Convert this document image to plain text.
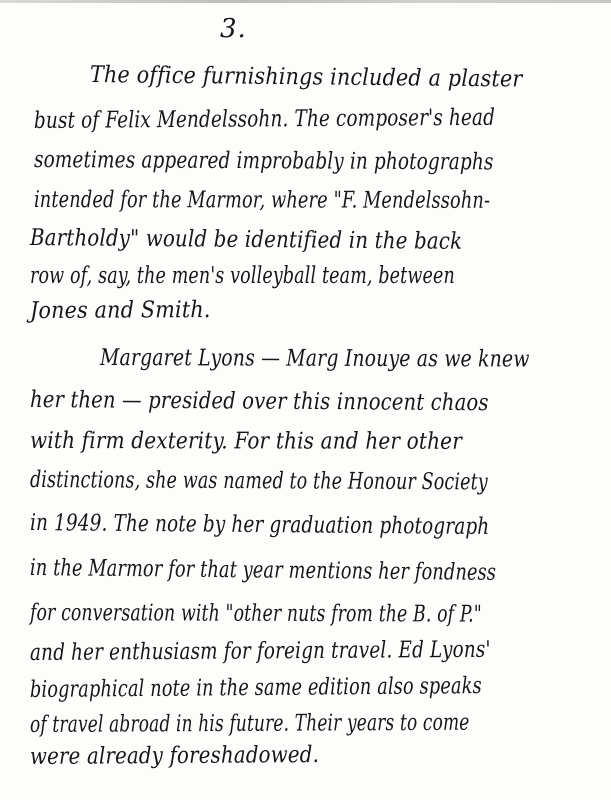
3.
The office furnishings included a plaster
bust of Felix Mendelssohn. The composer's head
sometimes appeared improbably in photographs
intended for the Marmor, where "F. Mendelssohn-
Bartholdy" would be identified in the back
row of, say, the men's volleyball team, between
Jones and Smith.
Margaret Lyons — Marg Inouye as we knew
her then — presided over this innocent chaos
with firm dexterity. For this and her other
distinctions, she was named to the Honour Society
in 1949. The note by her graduation photograph
in the Marmor for that year mentions her fondness
for conversation with "other nuts from the B. of P."
and her enthusiasm for foreign travel. Ed Lyons'
biographical note in the same edition also speaks
of travel abroad in his future. Their years to come
were already foreshadowed.
